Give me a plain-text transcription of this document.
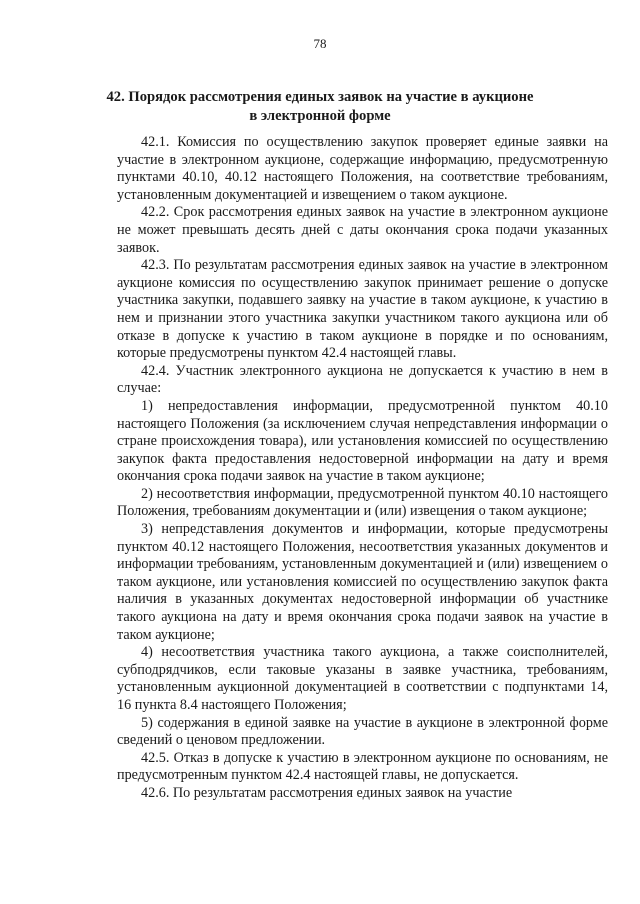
78
42. Порядок рассмотрения единых заявок на участие в аукционе
в электронной форме

42.1. Комиссия по осуществлению закупок проверяет единые заявки на участие в электронном аукционе, содержащие информацию, предусмотренную пунктами 40.10, 40.12 настоящего Положения, на соответствие требованиям, установленным документацией и извещением о таком аукционе.

42.2. Срок рассмотрения единых заявок на участие в электронном аукционе не может превышать десять дней с даты окончания срока подачи указанных заявок.

42.3. По результатам рассмотрения единых заявок на участие в электронном аукционе комиссия по осуществлению закупок принимает решение о допуске участника закупки, подавшего заявку на участие в таком аукционе, к участию в нем и признании этого участника закупки участником такого аукциона или об отказе в допуске к участию в таком аукционе в порядке и по основаниям, которые предусмотрены пунктом 42.4 настоящей главы.

42.4. Участник электронного аукциона не допускается к участию в нем в случае:

1) непредоставления информации, предусмотренной пунктом 40.10 настоящего Положения (за исключением случая непредставления информации о стране происхождения товара), или установления комиссией по осуществлению закупок факта предоставления недостоверной информации на дату и время окончания срока подачи заявок на участие в таком аукционе;

2) несоответствия информации, предусмотренной пунктом 40.10 настоящего Положения, требованиям документации и (или) извещения о таком аукционе;

3) непредставления документов и информации, которые предусмотрены пунктом 40.12 настоящего Положения, несоответствия указанных документов и информации требованиям, установленным документацией и (или) извещением о таком аукционе, или установления комиссией по осуществлению закупок факта наличия в указанных документах недостоверной информации об участнике такого аукциона на дату и время окончания срока подачи заявок на участие в таком аукционе;

4) несоответствия участника такого аукциона, а также соисполнителей, субподрядчиков, если таковые указаны в заявке участника, требованиям, установленным аукционной документацией в соответствии с подпунктами 14, 16 пункта 8.4 настоящего Положения;

5) содержания в единой заявке на участие в аукционе в электронной форме сведений о ценовом предложении.

42.5. Отказ в допуске к участию в электронном аукционе по основаниям, не предусмотренным пунктом 42.4 настоящей главы, не допускается.

42.6. По результатам рассмотрения единых заявок на участие
